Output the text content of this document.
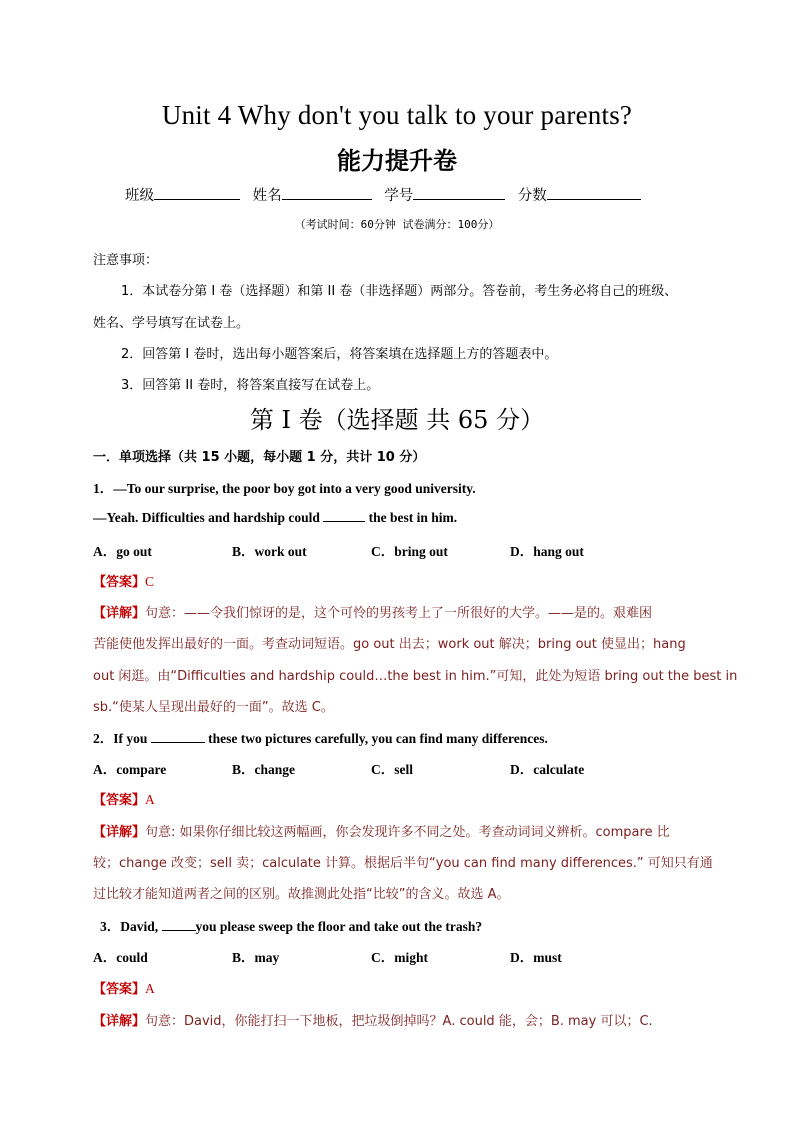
Unit 4 Why don't you talk to your parents?
能力提升卷
班级	姓名	学号	分数
（考试时间：60分钟 试卷满分：100分）
注意事项：
1．本试卷分第 I 卷（选择题）和第 II 卷（非选择题）两部分。答卷前，考生务必将自己的班级、
姓名、学号填写在试卷上。
2．回答第 I 卷时，选出每小题答案后，将答案填在选择题上方的答题表中。
3．回答第 II 卷时，将答案直接写在试卷上。
第 I 卷（选择题 共 65 分）
一．单项选择（共 15 小题，每小题 1 分，共计 10 分）
1．—To our surprise, the poor boy got into a very good university.
—Yeah. Difficulties and hardship could	the best in him.
A．go out	B．work out	C．bring out	D．hang out
【答案】C
【详解】句意：——令我们惊讶的是，这个可怜的男孩考上了一所很好的大学。——是的。艰难困
苦能使他发挥出最好的一面。考查动词短语。go out 出去；work out 解决；bring out 使显出；hang
out 闲逛。由“Difficulties and hardship could…the best in him.”可知，此处为短语 bring out the best in
sb.“使某人呈现出最好的一面”。故选 C。
2．If you	these two pictures carefully, you can find many differences.
A．compare	B．change	C．sell	D．calculate
【答案】A
【详解】句意: 如果你仔细比较这两幅画，你会发现许多不同之处。考查动词词义辨析。compare 比
较；change 改变；sell 卖；calculate 计算。根据后半句“you can find many differences.” 可知只有通
过比较才能知道两者之间的区别。故推测此处指“比较”的含义。故选 A。
3．David,	you please sweep the floor and take out the trash?
A．could	B．may	C．might	D．must
【答案】A
【详解】句意：David，你能打扫一下地板，把垃圾倒掉吗？A. could 能，会；B. may 可以；C.
